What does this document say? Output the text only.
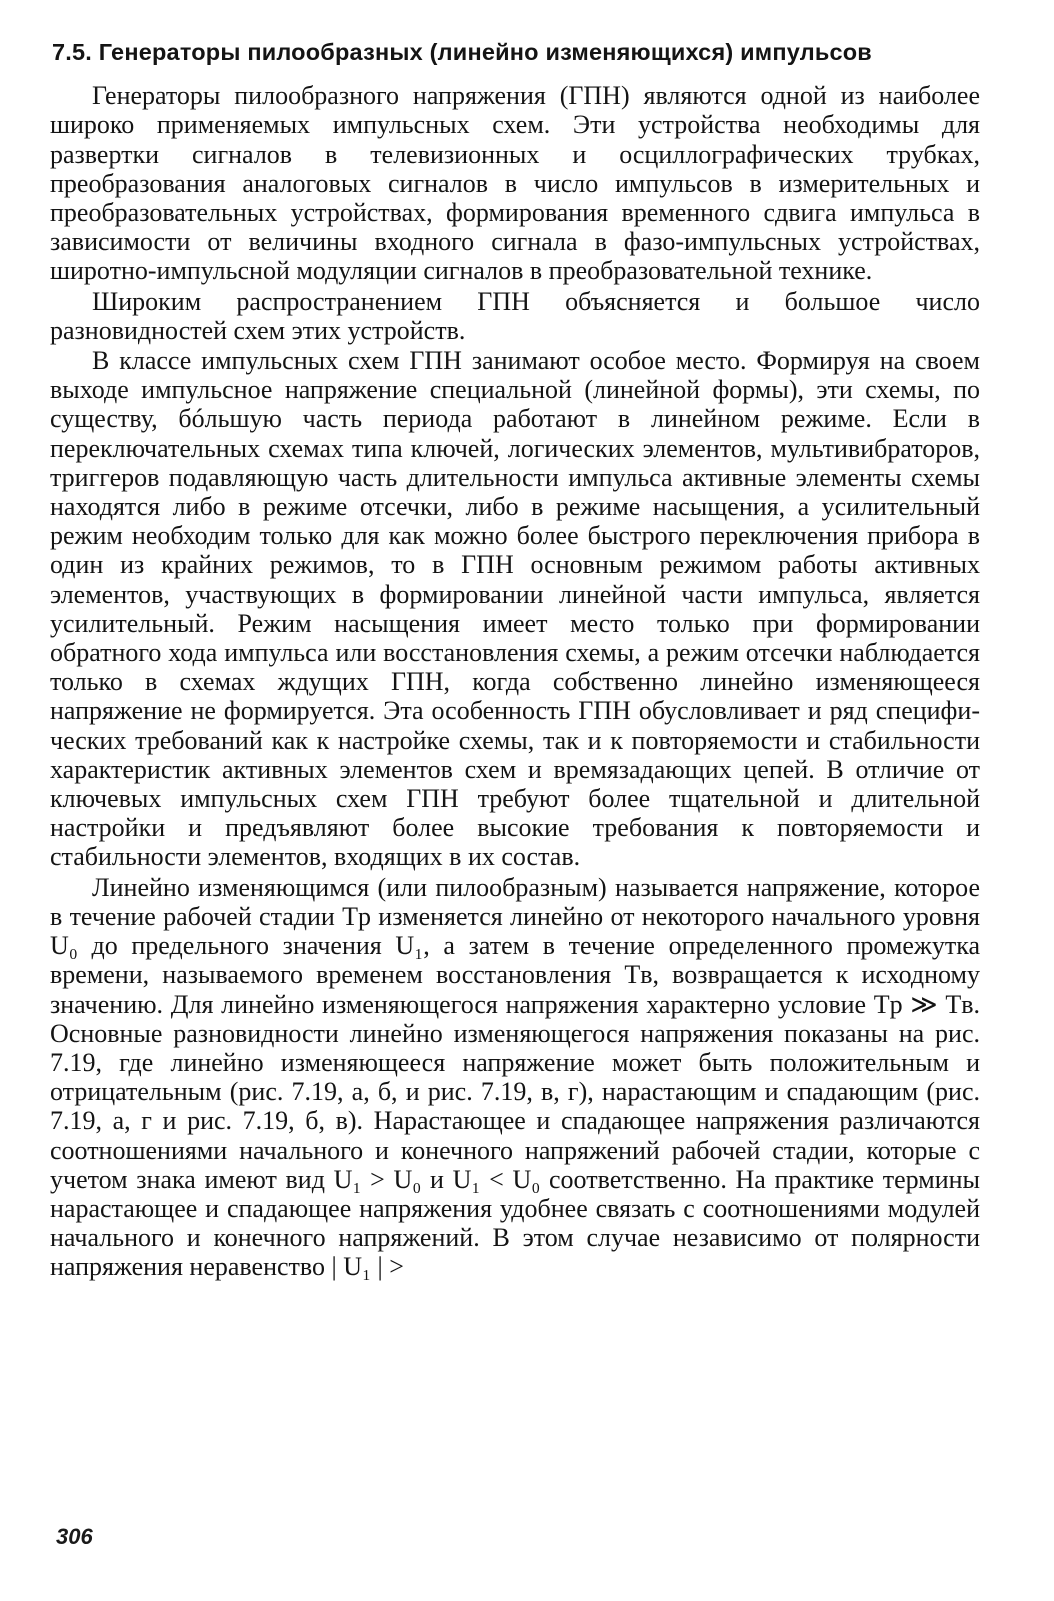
7.5. Генераторы пилообразных (линейно изменяющихся) импульсов

Генераторы пилообразного напряжения (ГПН) являются одной из наиболее широко применяемых импульсных схем. Эти устройства необходимы для развертки сигналов в телевизионных и осциллографических трубках, преобразования аналоговых сигналов в число импульсов в измерительных и преобразовательных устройствах, формирования временного сдвига импульса в зависимости от величины входного сигнала в фазо-импульсных устройствах, широтно-импульсной модуляции сигналов в преобразовательной технике.

Широким распространением ГПН объясняется и большое число разновидностей схем этих устройств.

В классе импульсных схем ГПН занимают особое место. Формируя на своем выходе импульсное напряжение специальной (линейной формы), эти схемы, по существу, бóльшую часть периода работают в линейном режиме. Если в переключательных схемах типа ключей, логических элементов, мультивибраторов, триггеров подавляющую часть длительности импульса активные элементы схемы находятся либо в режиме отсечки, либо в режиме насыщения, а усилительный режим необходим только для как можно более быстрого переключения прибора в один из крайних режимов, то в ГПН основным режимом работы активных элементов, участвующих в формировании линейной части импульса, является усилительный. Режим насыщения имеет место только при формировании обратного хода импульса или восстановления схемы, а режим отсечки наблюдается только в схемах ждущих ГПН, когда собственно линейно изменяющееся напряжение не формируется. Эта особенность ГПН обусловливает и ряд специфических требований как к настройке схемы, так и к повторяемости и стабильности характеристик активных элементов схем и времязадающих цепей. В отличие от ключевых импульсных схем ГПН требуют более тщательной и длительной настройки и предъявляют более высокие требования к повторяемости и стабильности элементов, входящих в их состав.

Линейно изменяющимся (или пилообразным) называется напряжение, которое в течение рабочей стадии Tр изменяется линейно от некоторого начального уровня U₀ до предельного значения U₁, а затем в течение определенного промежутка времени, называемого временем восстановления Tв, возвращается к исходному значению. Для линейно изменяющегося напряжения характерно условие Tр ≫ Tв. Основные разновидности линейно изменяющегося напряжения показаны на рис. 7.19, где линейно изменяющееся напряжение может быть положительным и отрицательным (рис. 7.19, а, б, и рис. 7.19, в, г), нарастающим и спадающим (рис. 7.19, а, г и рис. 7.19, б, в). Нарастающее и спадающее напряжения различаются соотношениями начального и конечного напряжений рабочей стадии, которые с учетом знака имеют вид U₁ > U₀ и U₁ < U₀ соответственно. На практике термины нарастающее и спадающее напряжения удобнее связать с соотношениями модулей начального и конечного напряжений. В этом случае независимо от полярности напряжения неравенство | U₁ | >

306
